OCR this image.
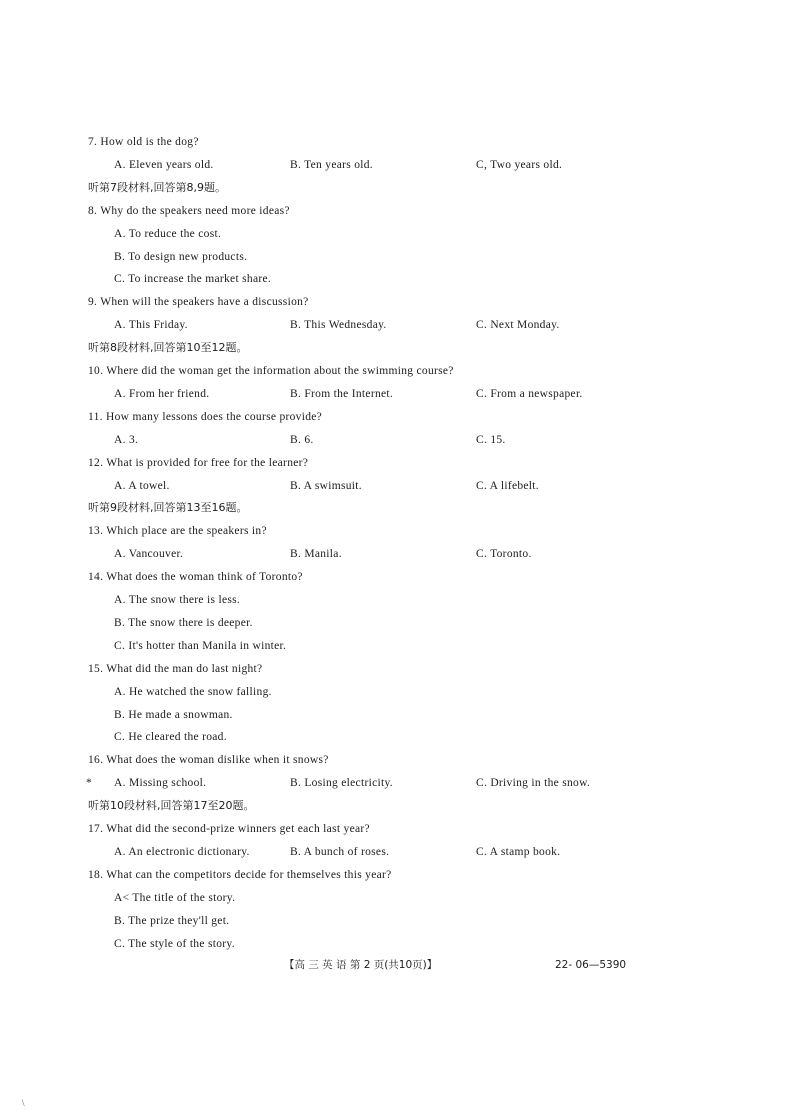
7. How old is the dog?
A. Eleven years old.	B. Ten years old.	C, Two years old.
听第7段材料,回答第8,9题。
8. Why do the speakers need more ideas?
A. To reduce the cost.
B. To design new products.
C. To increase the market share.
9. When will the speakers have a discussion?
A. This Friday.	B. This Wednesday.	C. Next Monday.
听第8段材料,回答第10至12题。
10. Where did the woman get the information about the swimming course?
A. From her friend.	B. From the Internet.	C. From a newspaper.
11. How many lessons does the course provide?
A. 3.	B. 6.	C. 15.
12. What is provided for free for the learner?
A. A towel.	B. A swimsuit.	C. A lifebelt.
听第9段材料,回答第13至16题。
13. Which place are the speakers in?
A. Vancouver.	B. Manila.	C. Toronto.
14. What does the woman think of Toronto?
A. The snow there is less.
B. The snow there is deeper.
C. It's hotter than Manila in winter.
15. What did the man do last night?
A. He watched the snow falling.
B. He made a snowman.
C. He cleared the road.
16. What does the woman dislike when it snows?
* A. Missing school.	B. Losing electricity.	C. Driving in the snow.
听第10段材料,回答第17至20题。
17. What did the second-prize winners get each last year?
A. An electronic dictionary.	B. A bunch of roses.	C. A stamp book.
18. What can the competitors decide for themselves this year?
A< The title of the story.
B. The prize they'll get.
C. The style of the story.
【高 三 英 语 第 2 页(共10页)】	22- 06—5390
\
